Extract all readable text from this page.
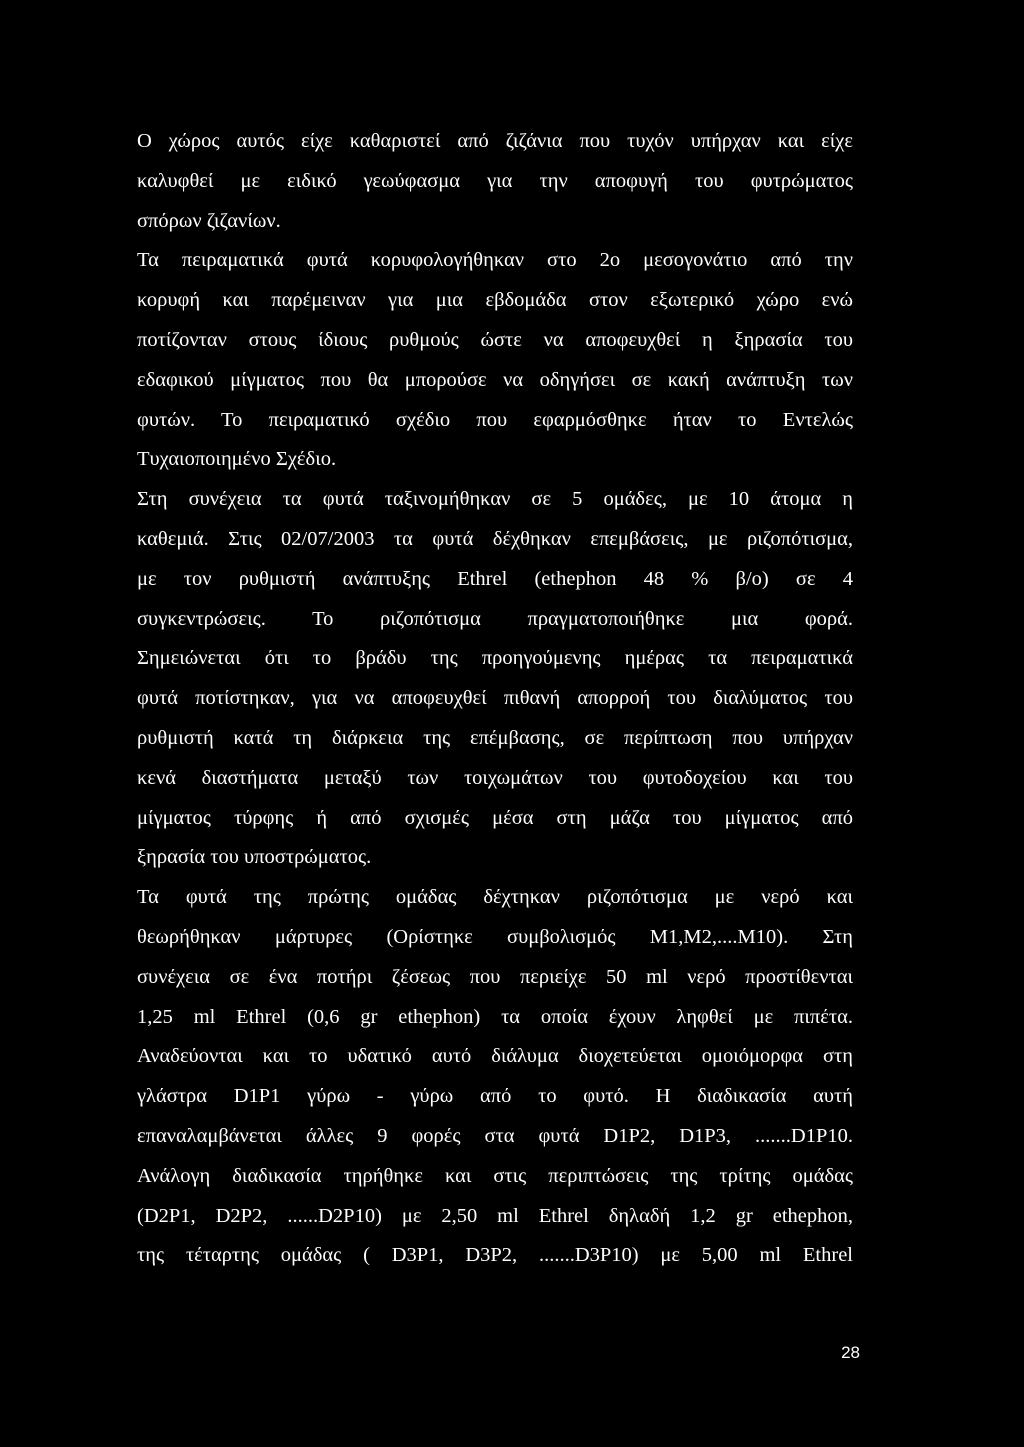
Ο χώρος αυτός είχε καθαριστεί από ζιζάνια που τυχόν υπήρχαν και είχε
καλυφθεί με ειδικό γεωύφασμα για την αποφυγή του φυτρώματος
σπόρων ζιζανίων.
Τα πειραματικά φυτά κορυφολογήθηκαν στο 2ο μεσογονάτιο από την
κορυφή και παρέμειναν για μια εβδομάδα στον εξωτερικό χώρο ενώ
ποτίζονταν στους ίδιους ρυθμούς ώστε να αποφευχθεί η ξηρασία του
εδαφικού μίγματος που θα μπορούσε να οδηγήσει σε κακή ανάπτυξη των
φυτών. Το πειραματικό σχέδιο που εφαρμόσθηκε ήταν το Εντελώς
Τυχαιοποιημένο Σχέδιο.
Στη συνέχεια τα φυτά ταξινομήθηκαν σε 5 ομάδες, με 10 άτομα η
καθεμιά. Στις 02/07/2003 τα φυτά δέχθηκαν επεμβάσεις, με ριζοπότισμα,
με τον ρυθμιστή ανάπτυξης Ethrel (ethephon 48 % β/ο) σε 4
συγκεντρώσεις. Το ριζοπότισμα πραγματοποιήθηκε μια φορά.
Σημειώνεται ότι το βράδυ της προηγούμενης ημέρας τα πειραματικά
φυτά ποτίστηκαν, για να αποφευχθεί πιθανή απορροή του διαλύματος του
ρυθμιστή κατά τη διάρκεια της επέμβασης, σε περίπτωση που υπήρχαν
κενά διαστήματα μεταξύ των τοιχωμάτων του φυτοδοχείου και του
μίγματος τύρφης ή από σχισμές μέσα στη μάζα του μίγματος από
ξηρασία του υποστρώματος.
Τα φυτά της πρώτης ομάδας δέχτηκαν ριζοπότισμα με νερό και
θεωρήθηκαν μάρτυρες (Ορίστηκε συμβολισμός M1,M2,....M10). Στη
συνέχεια σε ένα ποτήρι ζέσεως που περιείχε 50 ml νερό προστίθενται
1,25 ml Ethrel (0,6 gr ethephon) τα οποία έχουν ληφθεί με πιπέτα.
Αναδεύονται και το υδατικό αυτό διάλυμα διοχετεύεται ομοιόμορφα στη
γλάστρα D1P1 γύρω - γύρω από το φυτό. Η διαδικασία αυτή
επαναλαμβάνεται άλλες 9 φορές στα φυτά D1P2, D1P3, .......D1P10.
Ανάλογη διαδικασία τηρήθηκε και στις περιπτώσεις της τρίτης ομάδας
(D2P1, D2P2, ......D2P10) με 2,50 ml Ethrel δηλαδή 1,2 gr ethephon,
της τέταρτης ομάδας ( D3P1, D3P2, .......D3P10) με 5,00 ml Ethrel
28
